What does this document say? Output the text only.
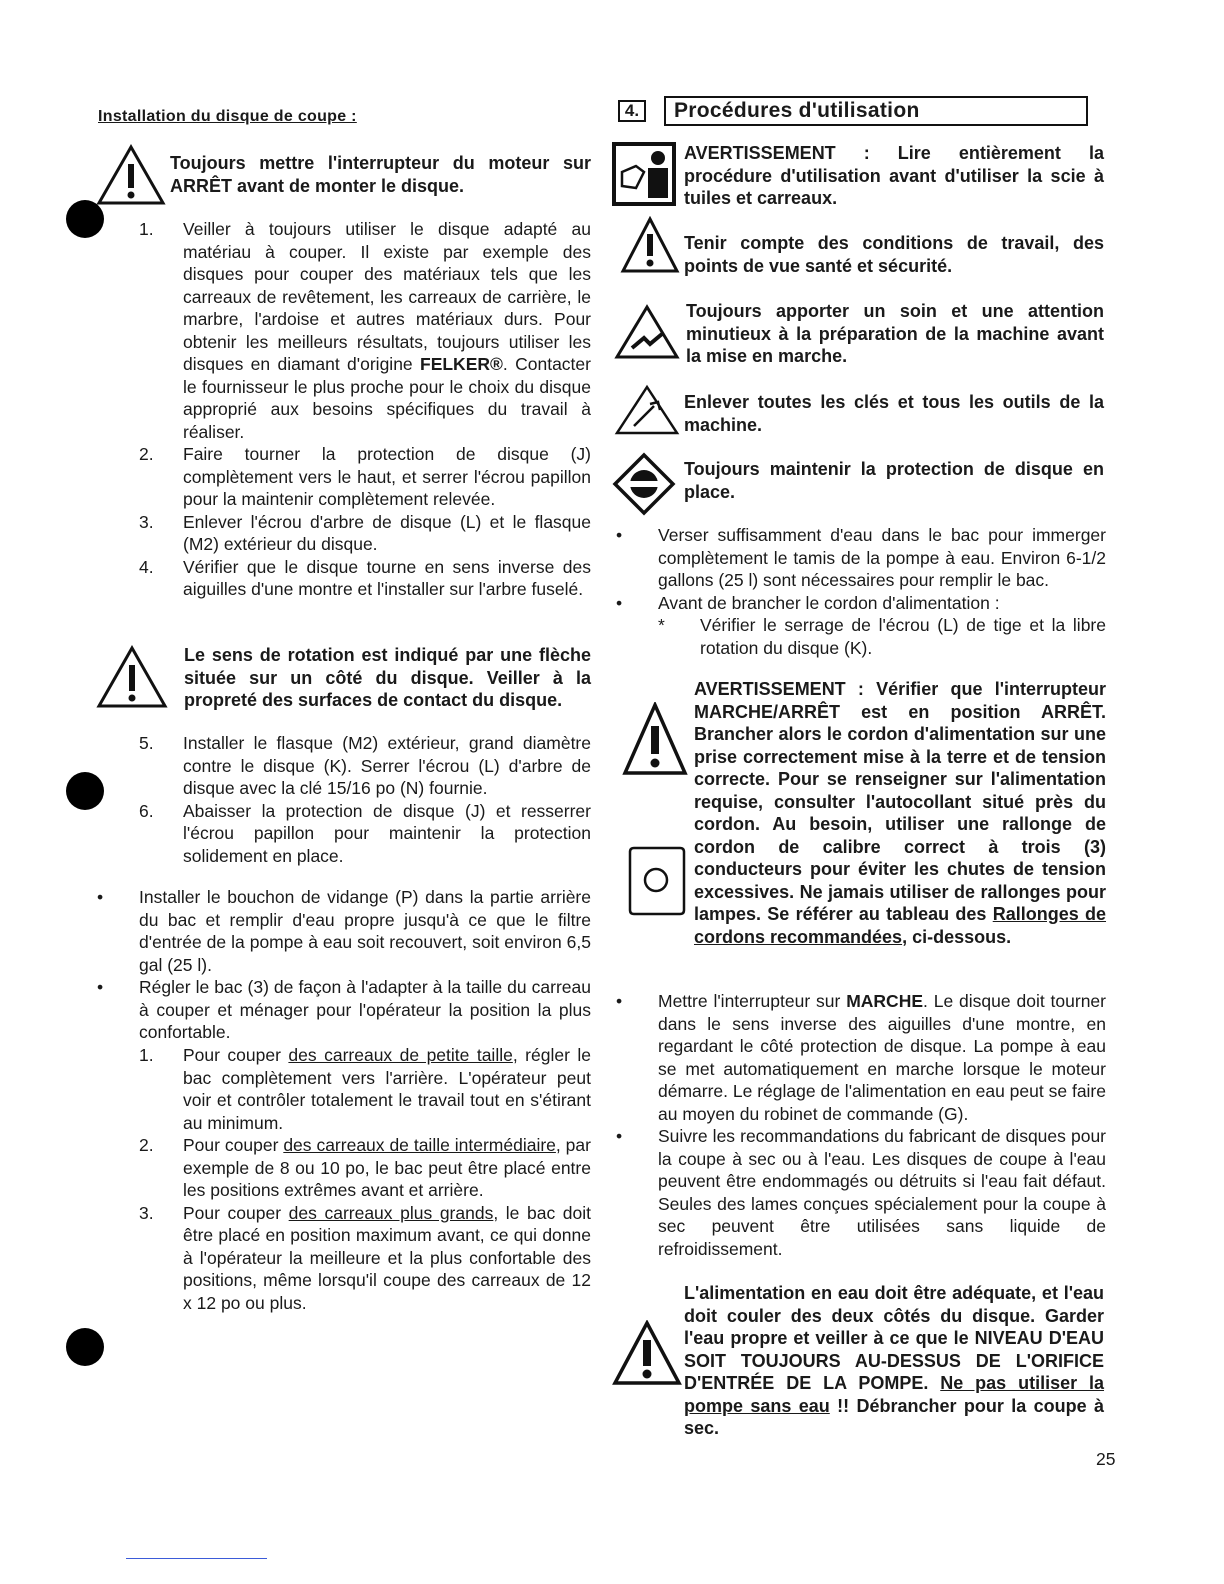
Installation du disque de coupe :
Toujours mettre l'interrupteur du moteur sur ARRÊT avant de monter le disque.
1. Veiller à toujours utiliser le disque adapté au matériau à couper. Il existe par exemple des disques pour couper des matériaux tels que les carreaux de revêtement, les carreaux de carrière, le marbre, l'ardoise et autres matériaux durs. Pour obtenir les meilleurs résultats, toujours utiliser les disques en diamant d'origine FELKER®. Contacter le fournisseur le plus proche pour le choix du disque approprié aux besoins spécifiques du travail à réaliser.
2. Faire tourner la protection de disque (J) complètement vers le haut, et serrer l'écrou papillon pour la maintenir complètement relevée.
3. Enlever l'écrou d'arbre de disque (L) et le flasque (M2) extérieur du disque.
4. Vérifier que le disque tourne en sens inverse des aiguilles d'une montre et l'installer sur l'arbre fuselé.
Le sens de rotation est indiqué par une flèche située sur un côté du disque. Veiller à la propreté des surfaces de contact du disque.
5. Installer le flasque (M2) extérieur, grand diamètre contre le disque (K). Serrer l'écrou (L) d'arbre de disque avec la clé 15/16 po (N) fournie.
6. Abaisser la protection de disque (J) et resserrer l'écrou papillon pour maintenir la protection solidement en place.
• Installer le bouchon de vidange (P) dans la partie arrière du bac et remplir d'eau propre jusqu'à ce que le filtre d'entrée de la pompe à eau soit recouvert, soit environ 6,5 gal (25 l).
• Régler le bac (3) de façon à l'adapter à la taille du carreau à couper et ménager pour l'opérateur la position la plus confortable.
1. Pour couper des carreaux de petite taille, régler le bac complètement vers l'arrière. L'opérateur peut voir et contrôler totalement le travail tout en s'étirant au minimum.
2. Pour couper des carreaux de taille intermédiaire, par exemple de 8 ou 10 po, le bac peut être placé entre les positions extrêmes avant et arrière.
3. Pour couper des carreaux plus grands, le bac doit être placé en position maximum avant, ce qui donne à l'opérateur la meilleure et la plus confortable des positions, même lorsqu'il coupe des carreaux de 12 x 12 po ou plus.
4.	Procédures d'utilisation
AVERTISSEMENT : Lire entièrement la procédure d'utilisation avant d'utiliser la scie à tuiles et carreaux.
Tenir compte des conditions de travail, des points de vue santé et sécurité.
Toujours apporter un soin et une attention minutieux à la préparation de la machine avant la mise en marche.
Enlever toutes les clés et tous les outils de la machine.
Toujours maintenir la protection de disque en place.
• Verser suffisamment d'eau dans le bac pour immerger complètement le tamis de la pompe à eau. Environ 6-1/2 gallons (25 l) sont nécessaires pour remplir le bac.
• Avant de brancher le cordon d'alimentation :
* Vérifier le serrage de l'écrou (L) de tige et la libre rotation du disque (K).
AVERTISSEMENT : Vérifier que l'interrupteur MARCHE/ARRÊT est en position ARRÊT. Brancher alors le cordon d'alimentation sur une prise correctement mise à la terre et de tension correcte. Pour se renseigner sur l'alimentation requise, consulter l'autocollant situé près du cordon. Au besoin, utiliser une rallonge de cordon de calibre correct à trois (3) conducteurs pour éviter les chutes de tension excessives. Ne jamais utiliser de rallonges pour lampes. Se référer au tableau des Rallonges de cordons recommandées, ci-dessous.
• Mettre l'interrupteur sur MARCHE. Le disque doit tourner dans le sens inverse des aiguilles d'une montre, en regardant le côté protection de disque. La pompe à eau se met automatiquement en marche lorsque le moteur démarre. Le réglage de l'alimentation en eau peut se faire au moyen du robinet de commande (G).
• Suivre les recommandations du fabricant de disques pour la coupe à sec ou à l'eau. Les disques de coupe à l'eau peuvent être endommagés ou détruits si l'eau fait défaut. Seules des lames conçues spécialement pour la coupe à sec peuvent être utilisées sans liquide de refroidissement.
L'alimentation en eau doit être adéquate, et l'eau doit couler des deux côtés du disque. Garder l'eau propre et veiller à ce que le NIVEAU D'EAU SOIT TOUJOURS AU-DESSUS DE L'ORIFICE D'ENTRÉE DE LA POMPE. Ne pas utiliser la pompe sans eau !! Débrancher pour la coupe à sec.
25
